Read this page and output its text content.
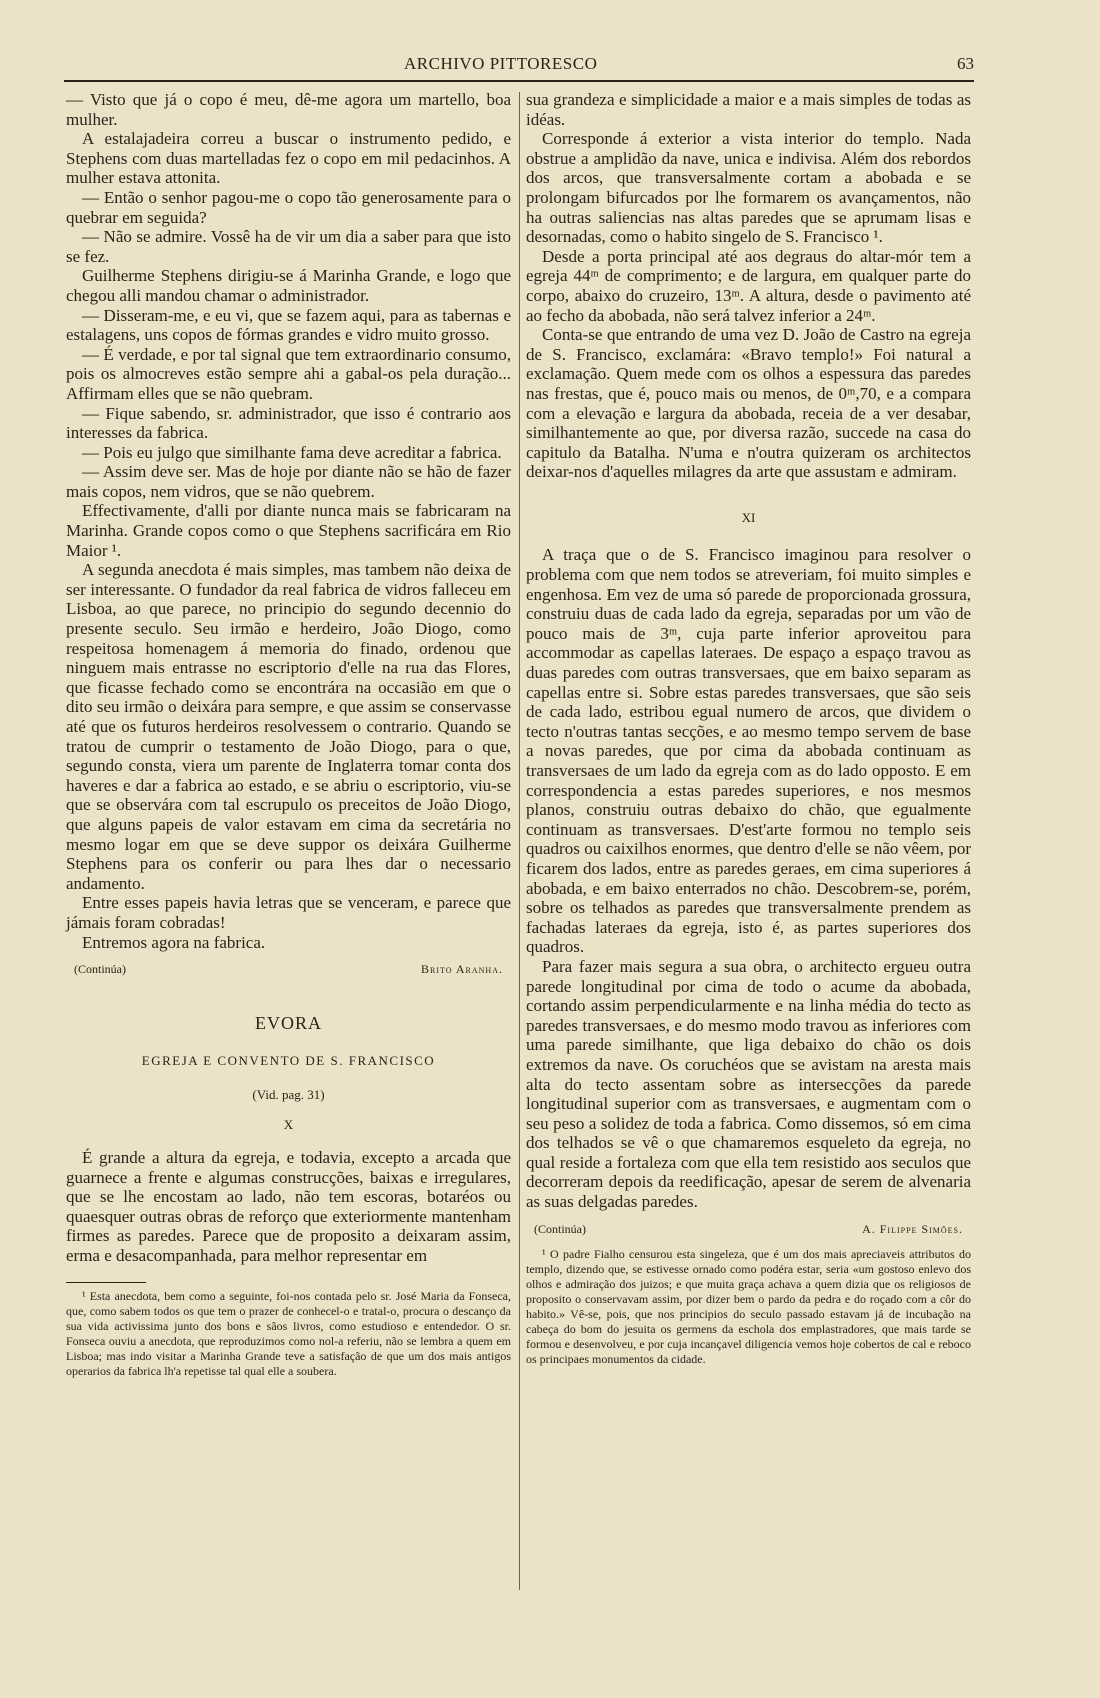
ARCHIVO PITTORESCO	63

— Visto que já o copo é meu, dê-me agora um martello, boa mulher.

A estalajadeira correu a buscar o instrumento pedido, e Stephens com duas martelladas fez o copo em mil pedacinhos. A mulher estava attonita.

— Então o senhor pagou-me o copo tão generosamente para o quebrar em seguida?

— Não se admire. Vossê ha de vir um dia a saber para que isto se fez.

Guilherme Stephens dirigiu-se á Marinha Grande, e logo que chegou alli mandou chamar o administrador.

— Disseram-me, e eu vi, que se fazem aqui, para as tabernas e estalagens, uns copos de fórmas grandes e vidro muito grosso.

— É verdade, e por tal signal que tem extraordinario consumo, pois os almocreves estão sempre ahi a gabal-os pela duração... Affirmam elles que se não quebram.

— Fique sabendo, sr. administrador, que isso é contrario aos interesses da fabrica.

— Pois eu julgo que similhante fama deve acreditar a fabrica.

— Assim deve ser. Mas de hoje por diante não se hão de fazer mais copos, nem vidros, que se não quebrem.

Effectivamente, d'alli por diante nunca mais se fabricaram na Marinha. Grande copos como o que Stephens sacrificára em Rio Maior ¹.

A segunda anecdota é mais simples, mas tambem não deixa de ser interessante. O fundador da real fabrica de vidros falleceu em Lisboa, ao que parece, no principio do segundo decennio do presente seculo. Seu irmão e herdeiro, João Diogo, como respeitosa homenagem á memoria do finado, ordenou que ninguem mais entrasse no escriptorio d'elle na rua das Flores, que ficasse fechado como se encontrára na occasião em que o dito seu irmão o deixára para sempre, e que assim se conservasse até que os futuros herdeiros resolvessem o contrario. Quando se tratou de cumprir o testamento de João Diogo, para o que, segundo consta, viera um parente de Inglaterra tomar conta dos haveres e dar a fabrica ao estado, e se abriu o escriptorio, viu-se que se observára com tal escrupulo os preceitos de João Diogo, que alguns papeis de valor estavam em cima da secretária no mesmo logar em que se deve suppor os deixára Guilherme Stephens para os conferir ou para lhes dar o necessario andamento.

Entre esses papeis havia letras que se venceram, e parece que jámais foram cobradas!

Entremos agora na fabrica.

(Continúa)	Brito Aranha.
EVORA
EGREJA E CONVENTO DE S. FRANCISCO
(Vid. pag. 31)
X

É grande a altura da egreja, e todavia, excepto a arcada que guarnece a frente e algumas construcções, baixas e irregulares, que se lhe encostam ao lado, não tem escoras, botaréos ou quaesquer outras obras de reforço que exteriormente mantenham firmes as paredes. Parece que de proposito a deixaram assim, erma e desacompanhada, para melhor representar em

¹ Esta anecdota, bem como a seguinte, foi-nos contada pelo sr. José Maria da Fonseca, que, como sabem todos os que tem o prazer de conhecel-o e tratal-o, procura o descanço da sua vida activissima junto dos bons e sãos livros, como estudioso e entendedor. O sr. Fonseca ouviu a anecdota, que reproduzimos como nol-a referiu, não se lembra a quem em Lisboa; mas indo visitar a Marinha Grande teve a satisfação de que um dos mais antigos operarios da fabrica lh'a repetisse tal qual elle a soubera.

sua grandeza e simplicidade a maior e a mais simples de todas as idéas.

Corresponde á exterior a vista interior do templo. Nada obstrue a amplidão da nave, unica e indivisa. Além dos rebordos dos arcos, que transversalmente cortam a abobada e se prolongam bifurcados por lhe formarem os avançamentos, não ha outras saliencias nas altas paredes que se aprumam lisas e desornadas, como o habito singelo de S. Francisco ¹.

Desde a porta principal até aos degraus do altar-mór tem a egreja 44ᵐ de comprimento; e de largura, em qualquer parte do corpo, abaixo do cruzeiro, 13ᵐ. A altura, desde o pavimento até ao fecho da abobada, não será talvez inferior a 24ᵐ.

Conta-se que entrando de uma vez D. João de Castro na egreja de S. Francisco, exclamára: «Bravo templo!» Foi natural a exclamação. Quem mede com os olhos a espessura das paredes nas frestas, que é, pouco mais ou menos, de 0ᵐ,70, e a compara com a elevação e largura da abobada, receia de a ver desabar, similhantemente ao que, por diversa razão, succede na casa do capitulo da Batalha. N'uma e n'outra quizeram os architectos deixar-nos d'aquelles milagres da arte que assustam e admiram.

XI

A traça que o de S. Francisco imaginou para resolver o problema com que nem todos se atreveriam, foi muito simples e engenhosa. Em vez de uma só parede de proporcionada grossura, construiu duas de cada lado da egreja, separadas por um vão de pouco mais de 3ᵐ, cuja parte inferior aproveitou para accommodar as capellas lateraes. De espaço a espaço travou as duas paredes com outras transversaes, que em baixo separam as capellas entre si. Sobre estas paredes transversaes, que são seis de cada lado, estribou egual numero de arcos, que dividem o tecto n'outras tantas secções, e ao mesmo tempo servem de base a novas paredes, que por cima da abobada continuam as transversaes de um lado da egreja com as do lado opposto. E em correspondencia a estas paredes superiores, e nos mesmos planos, construiu outras debaixo do chão, que egualmente continuam as transversaes. D'est'arte formou no templo seis quadros ou caixilhos enormes, que dentro d'elle se não vêem, por ficarem dos lados, entre as paredes geraes, em cima superiores á abobada, e em baixo enterrados no chão. Descobrem-se, porém, sobre os telhados as paredes que transversalmente prendem as fachadas lateraes da egreja, isto é, as partes superiores dos quadros.

Para fazer mais segura a sua obra, o architecto ergueu outra parede longitudinal por cima de todo o acume da abobada, cortando assim perpendicularmente e na linha média do tecto as paredes transversaes, e do mesmo modo travou as inferiores com uma parede similhante, que liga debaixo do chão os dois extremos da nave. Os coruchéos que se avistam na aresta mais alta do tecto assentam sobre as intersecções da parede longitudinal superior com as transversaes, e augmentam com o seu peso a solidez de toda a fabrica. Como dissemos, só em cima dos telhados se vê o que chamaremos esqueleto da egreja, no qual reside a fortaleza com que ella tem resistido aos seculos que decorreram depois da reedificação, apesar de serem de alvenaria as suas delgadas paredes.

(Continúa)	A. Filippe Simões.

¹ O padre Fialho censurou esta singeleza, que é um dos mais apreciaveis attributos do templo, dizendo que, se estivesse ornado como podéra estar, seria «um gostoso enlevo dos olhos e admiração dos juizos; e que muita graça achava a quem dizia que os religiosos de proposito o conservavam assim, por dizer bem o pardo da pedra e do roçado com a côr do habito.» Vê-se, pois, que nos principios do seculo passado estavam já de incubação na cabeça do bom do jesuita os germens da escholа dos emplastradores, que mais tarde se formou e desenvolveu, e por cuja incançavel diligencia vemos hoje cobertos de cal e reboco os principaes monumentos da cidade.
